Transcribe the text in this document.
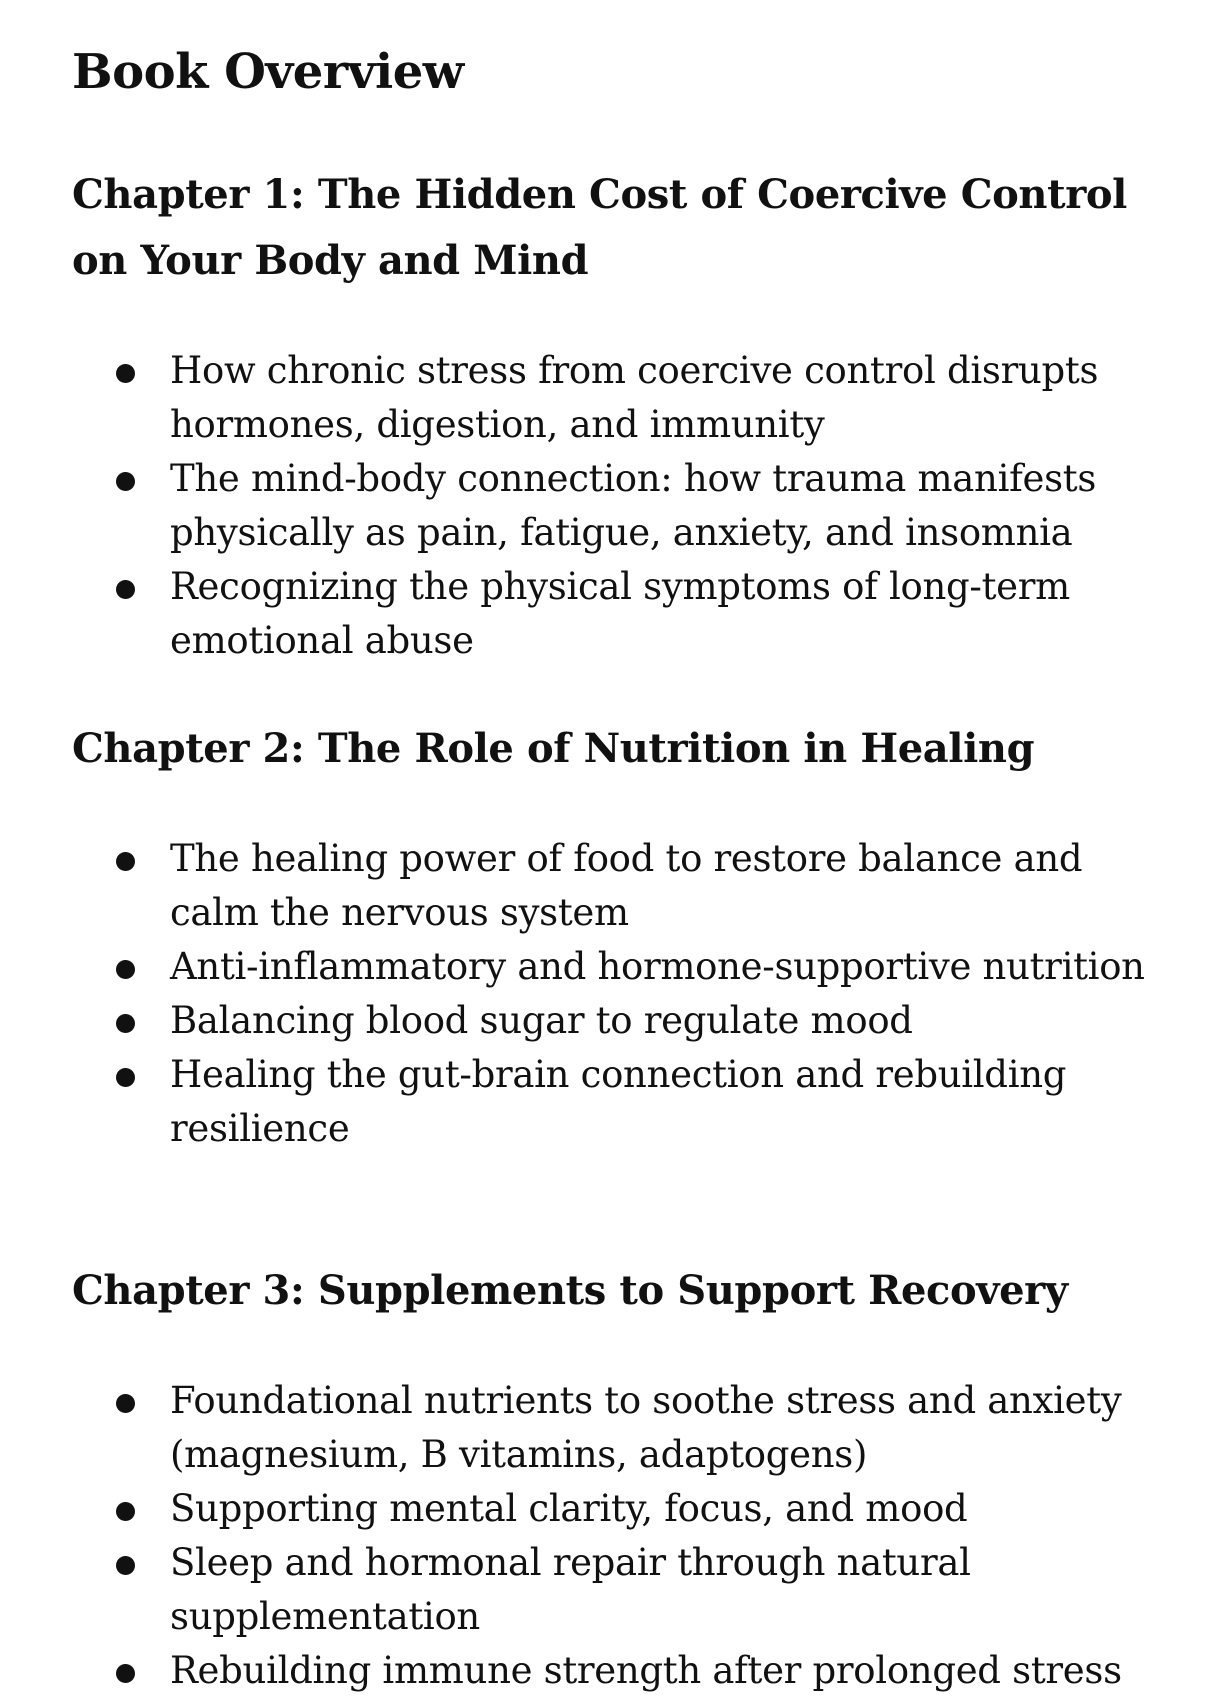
Book Overview
Chapter 1: The Hidden Cost of Coercive Control on Your Body and Mind
How chronic stress from coercive control disrupts hormones, digestion, and immunity
The mind-body connection: how trauma manifests physically as pain, fatigue, anxiety, and insomnia
Recognizing the physical symptoms of long-term emotional abuse
Chapter 2: The Role of Nutrition in Healing
The healing power of food to restore balance and calm the nervous system
Anti-inflammatory and hormone-supportive nutrition
Balancing blood sugar to regulate mood
Healing the gut-brain connection and rebuilding resilience
Chapter 3: Supplements to Support Recovery
Foundational nutrients to soothe stress and anxiety (magnesium, B vitamins, adaptogens)
Supporting mental clarity, focus, and mood
Sleep and hormonal repair through natural supplementation
Rebuilding immune strength after prolonged stress
